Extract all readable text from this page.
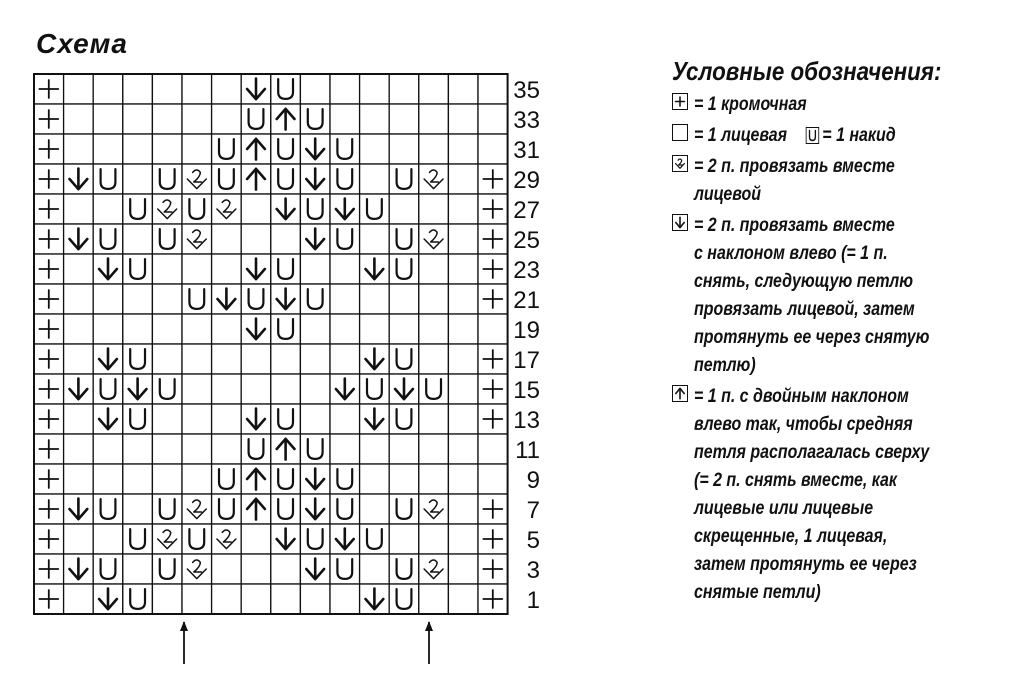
Схема
35
33
31
29
27
25
23
21
19
17
15
13
11
9
7
5
3
1
Условные обозначения:
= 1 кромочная
= 1 лицевая = 1 накид
= 2 п. провязать вместе
лицевой
= 2 п. провязать вместе
с наклоном влево (= 1 п.
снять, следующую петлю
провязать лицевой, затем
протянуть ее через снятую
петлю)
= 1 п. с двойным наклоном
влево так, чтобы средняя
петля располагалась сверху
(= 2 п. снять вместе, как
лицевые или лицевые
скрещенные, 1 лицевая,
затем протянуть ее через
снятые петли)
